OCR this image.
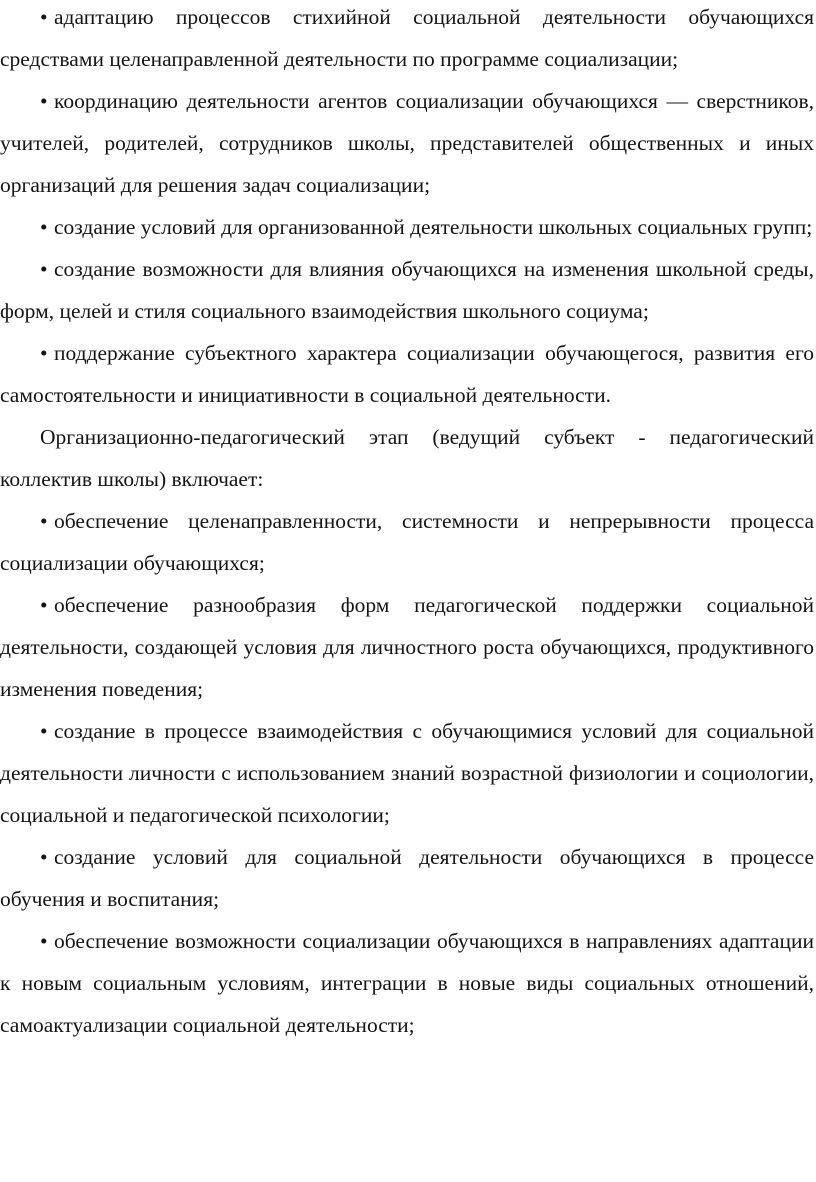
• адаптацию процессов стихийной социальной деятельности обучающихся средствами целенаправленной деятельности по программе социализации;

• координацию деятельности агентов социализации обучающихся — сверстников, учителей, родителей, сотрудников школы, представителей общественных и иных организаций для решения задач социализации;

• создание условий для организованной деятельности школьных социальных групп;

• создание возможности для влияния обучающихся на изменения школьной среды, форм, целей и стиля социального взаимодействия школьного социума;

• поддержание субъектного характера социализации обучающегося, развития его самостоятельности и инициативности в социальной деятельности.

Организационно-педагогический этап (ведущий субъект - педагогический коллектив школы) включает:

• обеспечение целенаправленности, системности и непрерывности процесса социализации обучающихся;

• обеспечение разнообразия форм педагогической поддержки социальной деятельности, создающей условия для личностного роста обучающихся, продуктивного изменения поведения;

• создание в процессе взаимодействия с обучающимися условий для социальной деятельности личности с использованием знаний возрастной физиологии и социологии, социальной и педагогической психологии;

• создание условий для социальной деятельности обучающихся в процессе обучения и воспитания;

• обеспечение возможности социализации обучающихся в направлениях адаптации к новым социальным условиям, интеграции в новые виды социальных отношений, самоактуализации социальной деятельности;
